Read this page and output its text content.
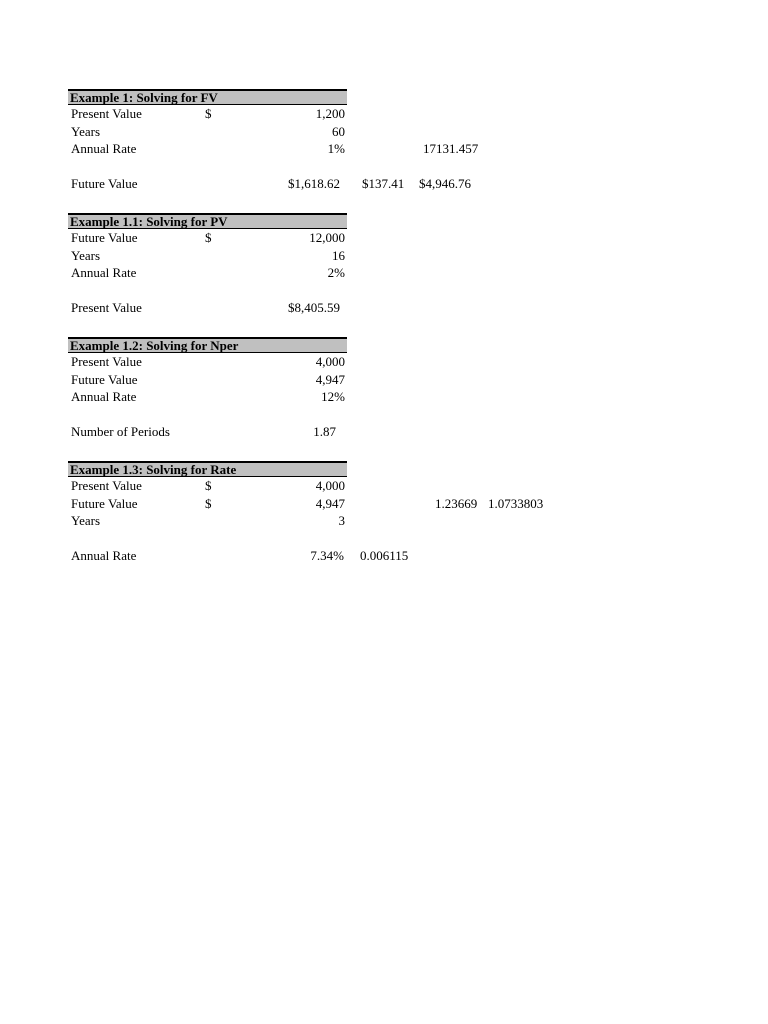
Example 1: Solving for FV
Present Value	$	1,200
Years	60
Annual Rate	1%	17131.457
Future Value	$1,618.62 $137.41 $4,946.76
Example 1.1: Solving for PV
Future Value	$	12,000
Years	16
Annual Rate	2%
Present Value	$8,405.59
Example 1.2: Solving for Nper
Present Value	4,000
Future Value	4,947
Annual Rate	12%
Number of Periods	1.87
Example 1.3: Solving for Rate
Present Value	$	4,000
Future Value	$	4,947	1.23669 1.0733803
Years	3
Annual Rate	7.34% 0.006115
